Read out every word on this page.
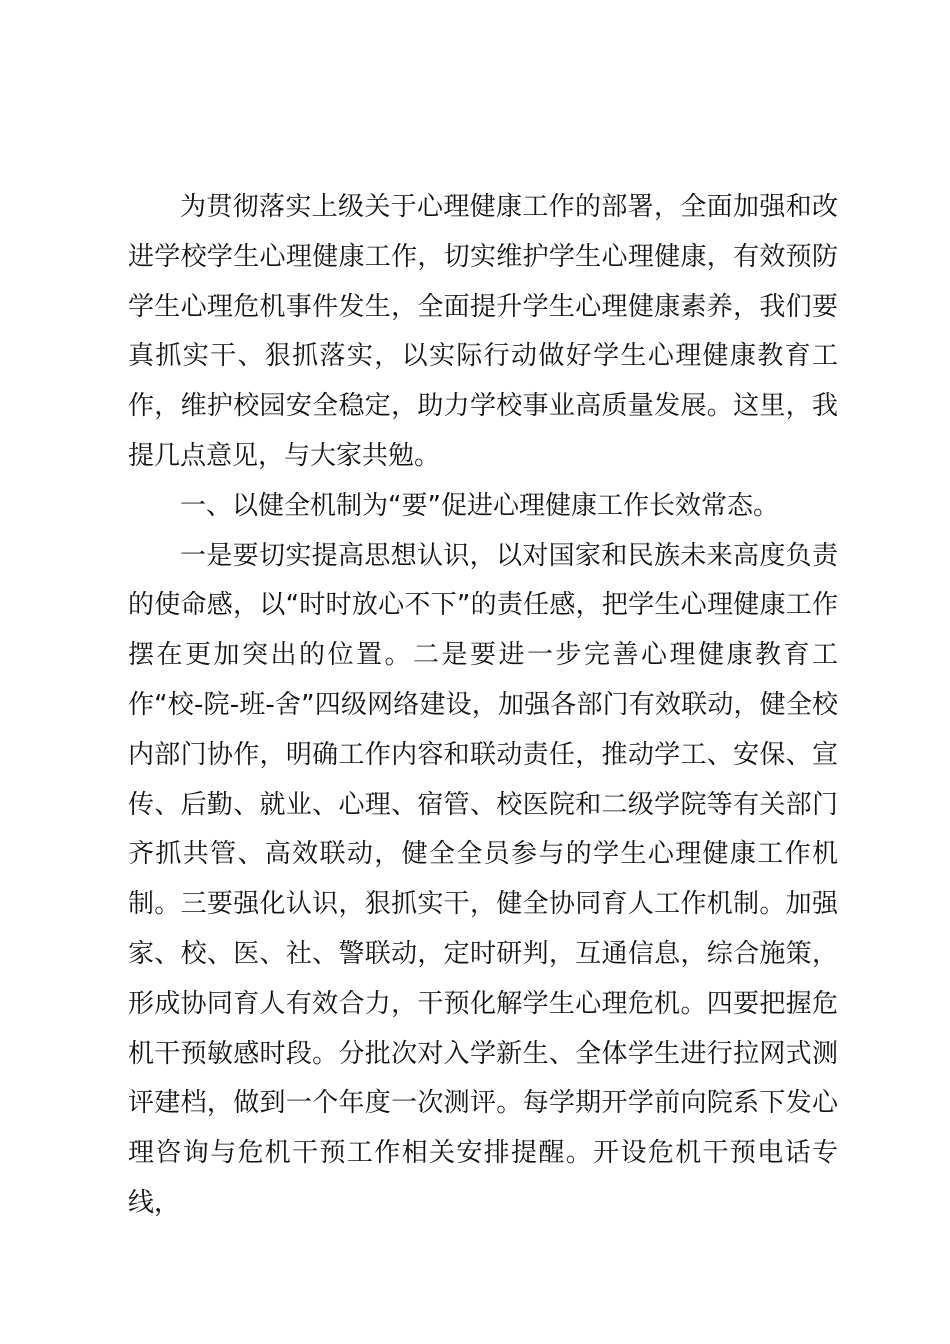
为贯彻落实上级关于心理健康工作的部署，全面加强和改进学校学生心理健康工作，切实维护学生心理健康，有效预防学生心理危机事件发生，全面提升学生心理健康素养，我们要真抓实干、狠抓落实，以实际行动做好学生心理健康教育工作，维护校园安全稳定，助力学校事业高质量发展。这里，我提几点意见，与大家共勉。

一、以健全机制为“要”促进心理健康工作长效常态。

一是要切实提高思想认识，以对国家和民族未来高度负责的使命感，以“时时放心不下”的责任感，把学生心理健康工作摆在更加突出的位置。二是要进一步完善心理健康教育工作“校-院-班-舍”四级网络建设，加强各部门有效联动，健全校内部门协作，明确工作内容和联动责任，推动学工、安保、宣传、后勤、就业、心理、宿管、校医院和二级学院等有关部门齐抓共管、高效联动，健全全员参与的学生心理健康工作机制。三要强化认识，狠抓实干，健全协同育人工作机制。加强家、校、医、社、警联动，定时研判，互通信息，综合施策，形成协同育人有效合力，干预化解学生心理危机。四要把握危机干预敏感时段。分批次对入学新生、全体学生进行拉网式测评建档，做到一个年度一次测评。每学期开学前向院系下发心理咨询与危机干预工作相关安排提醒。开设危机干预电话专线，
